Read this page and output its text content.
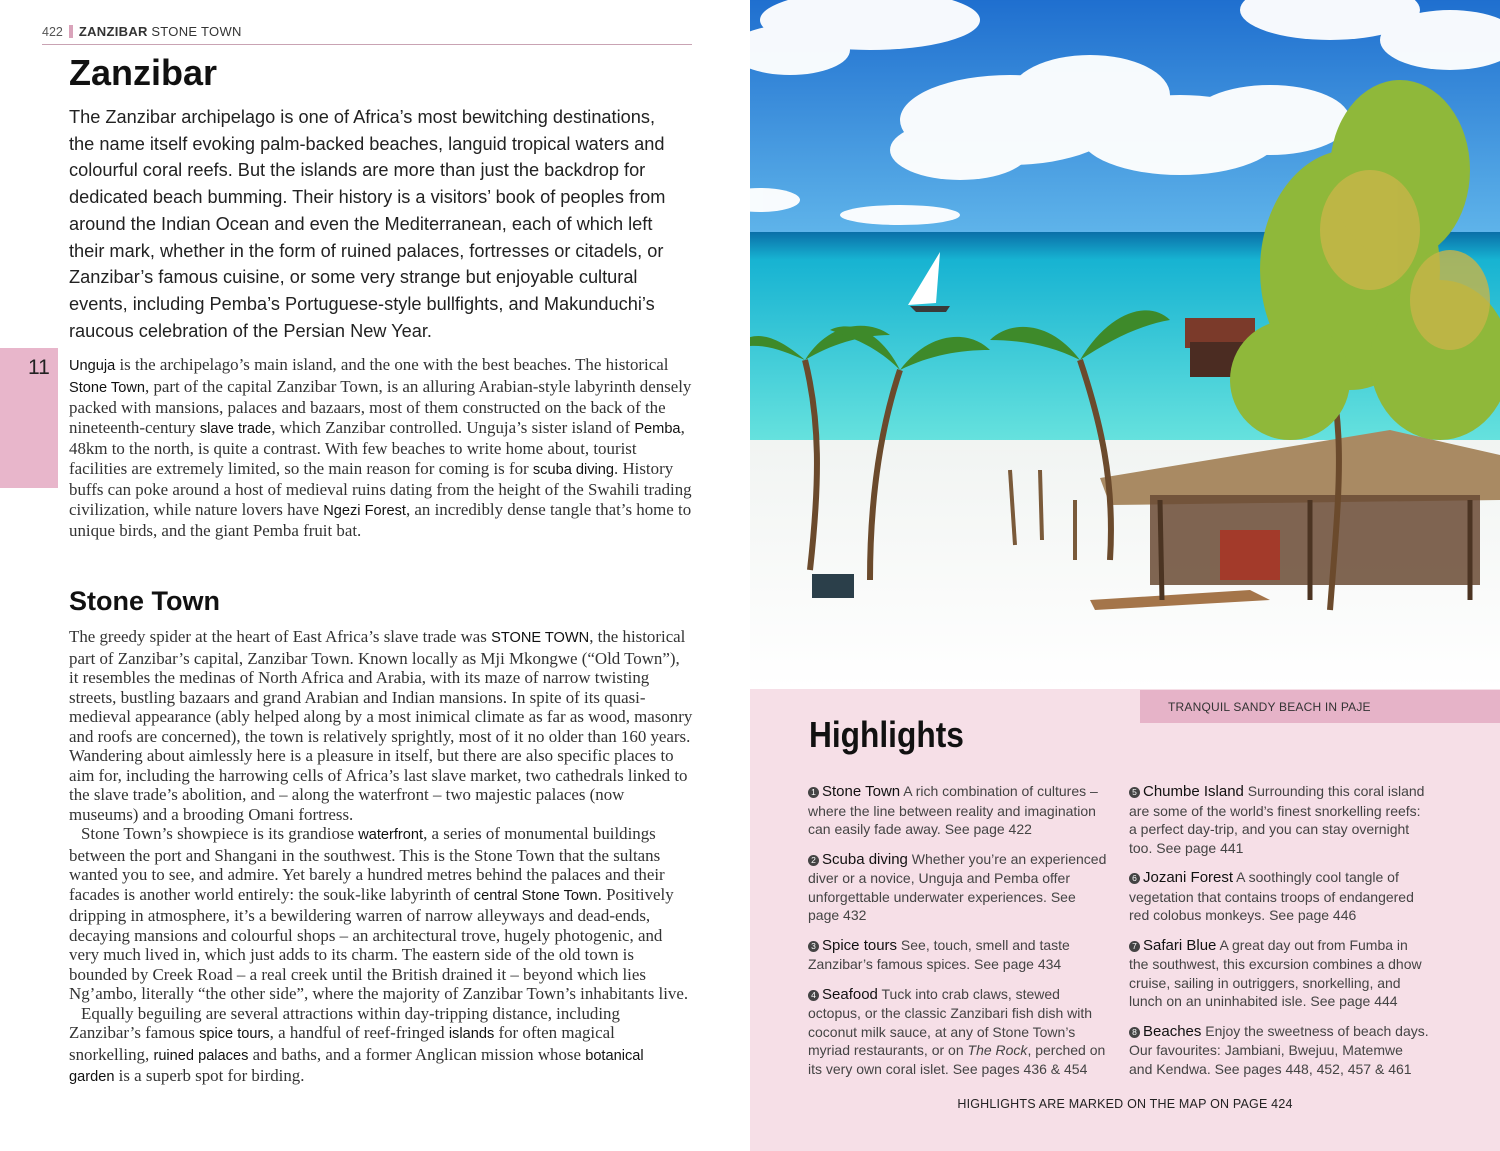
422 ZANZIBAR STONE TOWN
Zanzibar

The Zanzibar archipelago is one of Africa’s most bewitching destinations, the name itself evoking palm-backed beaches, languid tropical waters and colourful coral reefs. But the islands are more than just the backdrop for dedicated beach bumming. Their history is a visitors’ book of peoples from around the Indian Ocean and even the Mediterranean, each of which left their mark, whether in the form of ruined palaces, fortresses or citadels, or Zanzibar’s famous cuisine, or some very strange but enjoyable cultural events, including Pemba’s Portuguese-style bullfights, and Makunduchi’s raucous celebration of the Persian New Year.

11 Unguja is the archipelago’s main island, and the one with the best beaches. The historical Stone Town, part of the capital Zanzibar Town, is an alluring Arabian-style labyrinth densely packed with mansions, palaces and bazaars, most of them constructed on the back of the nineteenth-century slave trade, which Zanzibar controlled. Unguja’s sister island of Pemba, 48km to the north, is quite a contrast. With few beaches to write home about, tourist facilities are extremely limited, so the main reason for coming is for scuba diving. History buffs can poke around a host of medieval ruins dating from the height of the Swahili trading civilization, while nature lovers have Ngezi Forest, an incredibly dense tangle that’s home to unique birds, and the giant Pemba fruit bat.

Stone Town

The greedy spider at the heart of East Africa’s slave trade was STONE TOWN, the historical part of Zanzibar’s capital, Zanzibar Town. Known locally as Mji Mkongwe (“Old Town”), it resembles the medinas of North Africa and Arabia, with its maze of narrow twisting streets, bustling bazaars and grand Arabian and Indian mansions. In spite of its quasi-medieval appearance (ably helped along by a most inimical climate as far as wood, masonry and roofs are concerned), the town is relatively sprightly, most of it no older than 160 years. Wandering about aimlessly here is a pleasure in itself, but there are also specific places to aim for, including the harrowing cells of Africa’s last slave market, two cathedrals linked to the slave trade’s abolition, and – along the waterfront – two majestic palaces (now museums) and a brooding Omani fortress.

Stone Town’s showpiece is its grandiose waterfront, a series of monumental buildings between the port and Shangani in the southwest. This is the Stone Town that the sultans wanted you to see, and admire. Yet barely a hundred metres behind the palaces and their facades is another world entirely: the souk-like labyrinth of central Stone Town. Positively dripping in atmosphere, it’s a bewildering warren of narrow alleyways and dead-ends, decaying mansions and colourful shops – an architectural trove, hugely photogenic, and very much lived in, which just adds to its charm. The eastern side of the old town is bounded by Creek Road – a real creek until the British drained it – beyond which lies Ng’ambo, literally “the other side”, where the majority of Zanzibar Town’s inhabitants live.

Equally beguiling are several attractions within day-tripping distance, including Zanzibar’s famous spice tours, a handful of reef-fringed islands for often magical snorkelling, ruined palaces and baths, and a former Anglican mission whose botanical garden is a superb spot for birding.

TRANQUIL SANDY BEACH IN PAJE
Highlights

1 Stone Town A rich combination of cultures – where the line between reality and imagination can easily fade away. See page 422

2 Scuba diving Whether you’re an experienced diver or a novice, Unguja and Pemba offer unforgettable underwater experiences. See page 432

3 Spice tours See, touch, smell and taste Zanzibar’s famous spices. See page 434

4 Seafood Tuck into crab claws, stewed octopus, or the classic Zanzibari fish dish with coconut milk sauce, at any of Stone Town’s myriad restaurants, or on The Rock, perched on its very own coral islet. See pages 436 & 454

5 Chumbe Island Surrounding this coral island are some of the world’s finest snorkelling reefs: a perfect day-trip, and you can stay overnight too. See page 441

6 Jozani Forest A soothingly cool tangle of vegetation that contains troops of endangered red colobus monkeys. See page 446

7 Safari Blue A great day out from Fumba in the southwest, this excursion combines a dhow cruise, sailing in outriggers, snorkelling, and lunch on an uninhabited isle. See page 444

8 Beaches Enjoy the sweetness of beach days. Our favourites: Jambiani, Bwejuu, Matemwe and Kendwa. See pages 448, 452, 457 & 461

HIGHLIGHTS ARE MARKED ON THE MAP ON PAGE 424
